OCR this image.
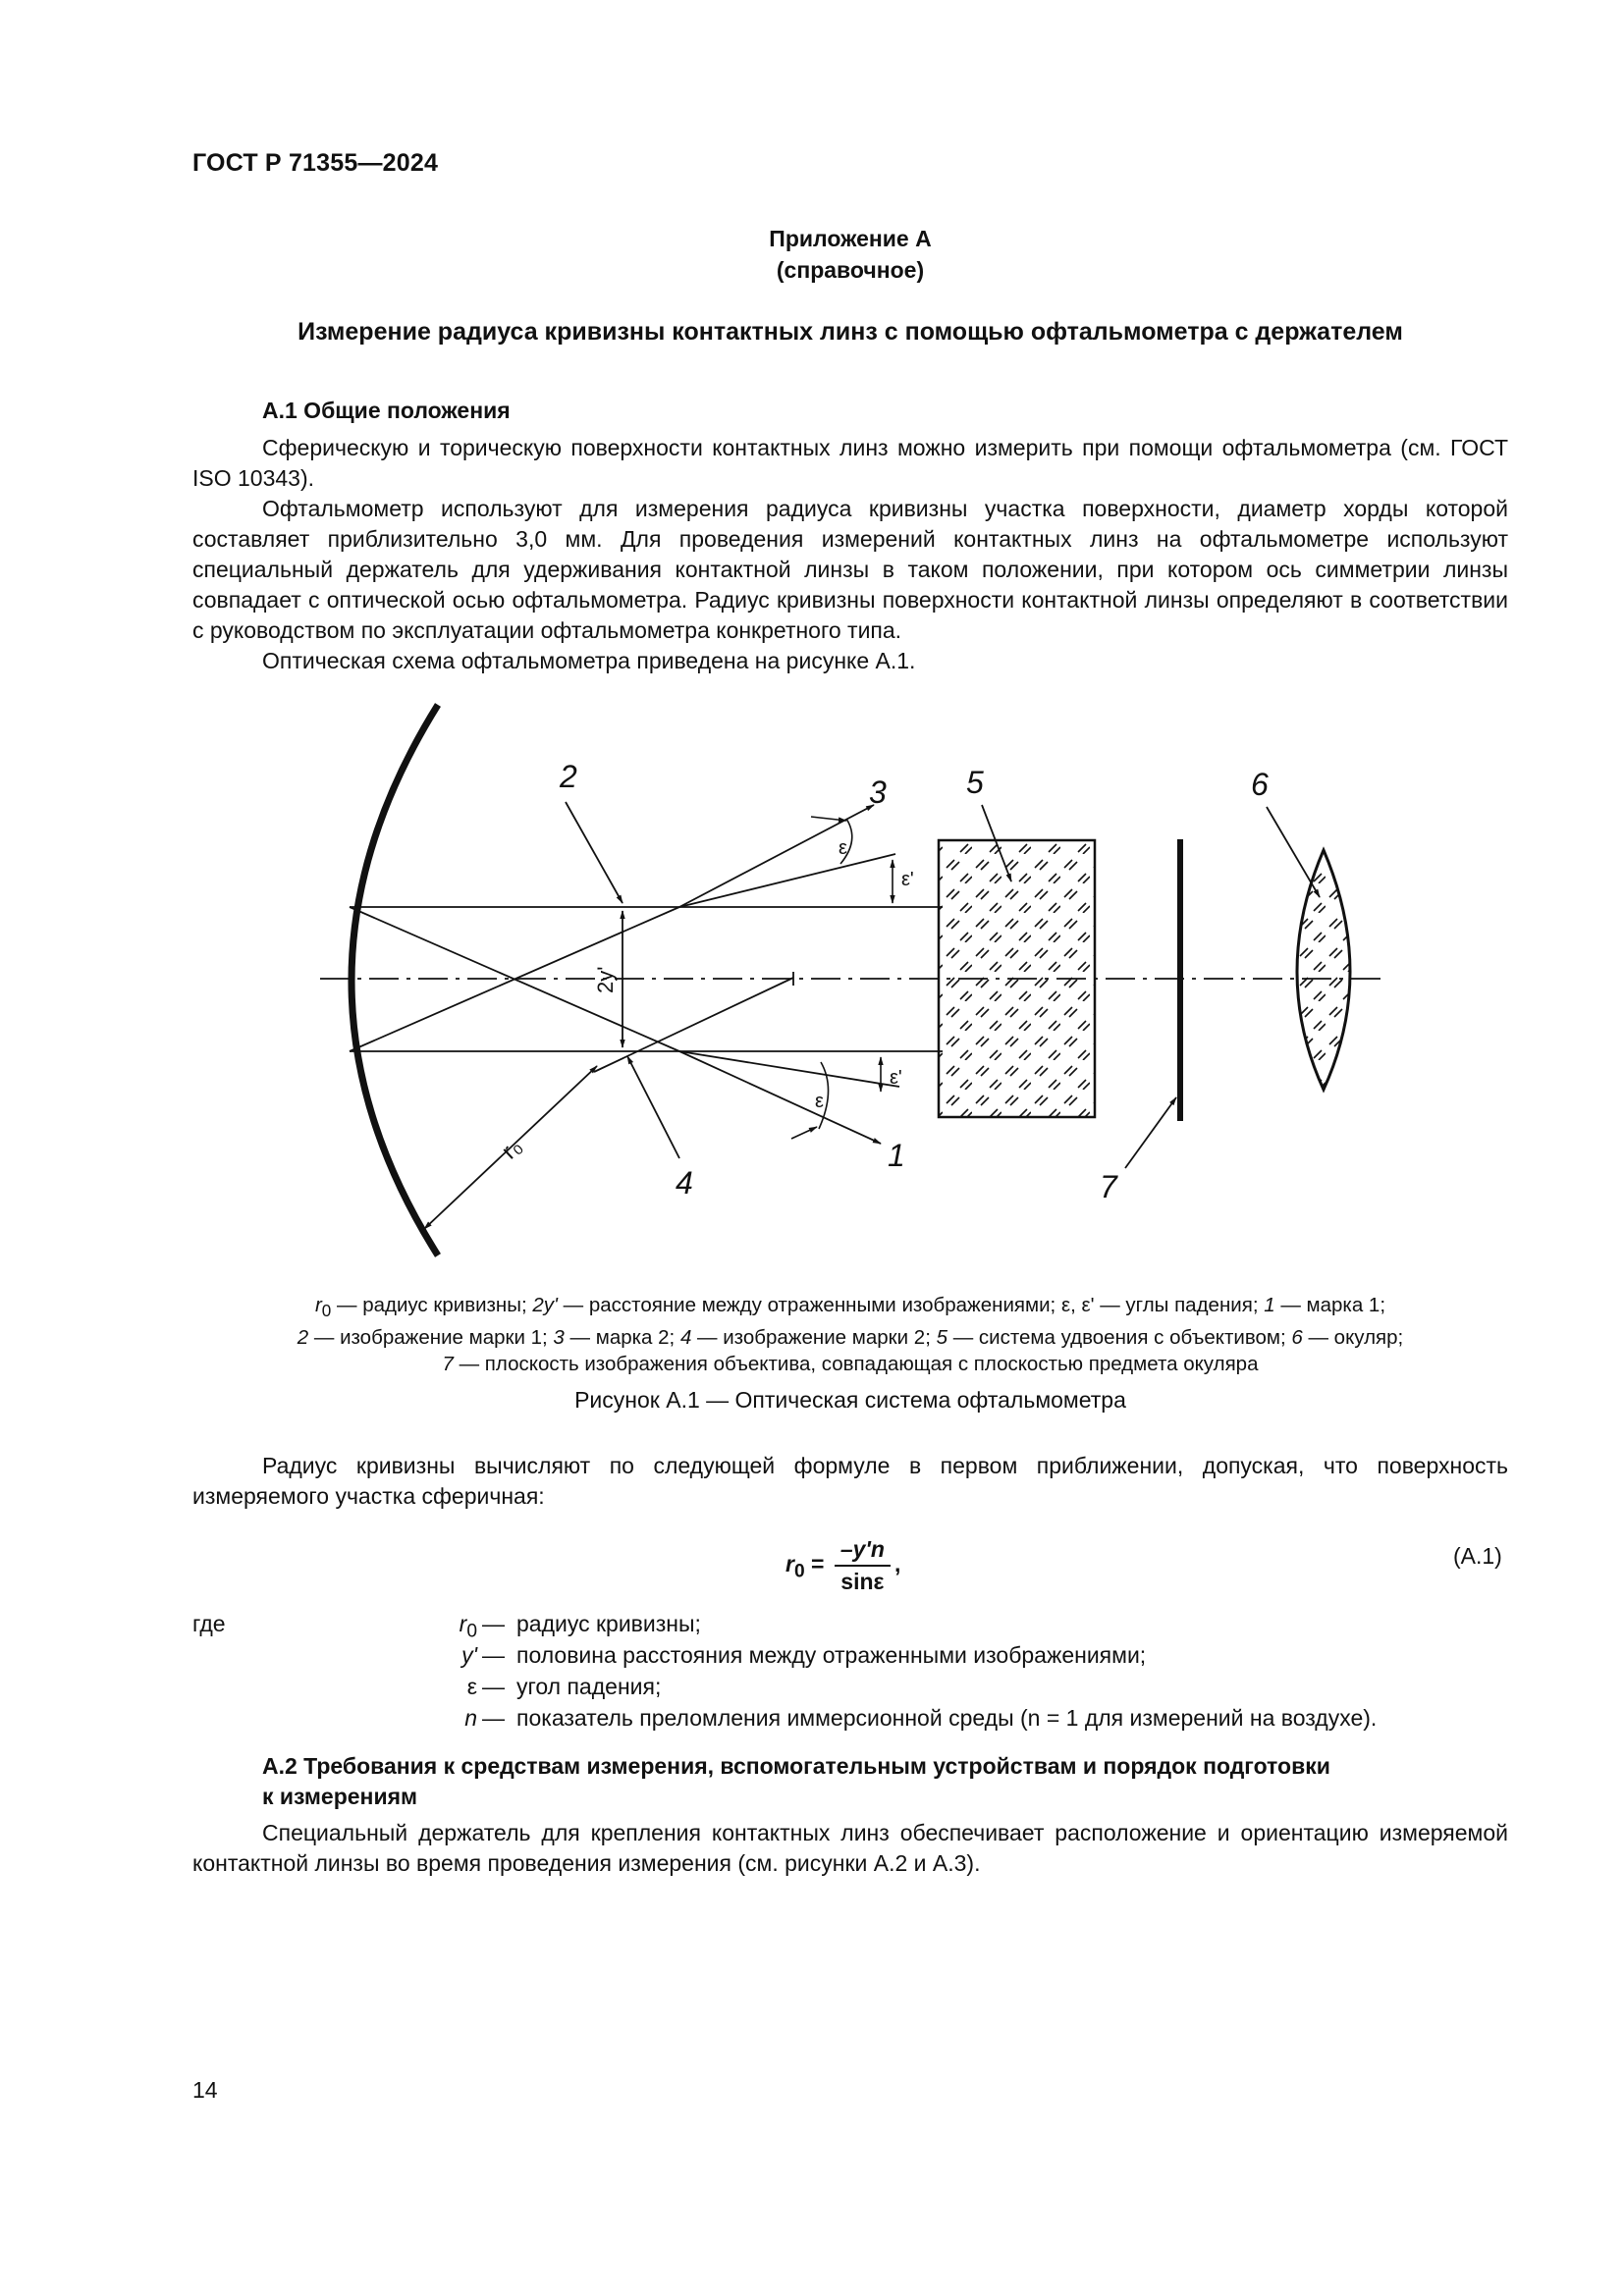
ГОСТ Р 71355—2024
Приложение А
(справочное)
Измерение радиуса кривизны контактных линз с помощью офтальмометра с держателем
А.1 Общие положения

Сферическую и торическую поверхности контактных линз можно измерить при помощи офтальмометра (см. ГОСТ ISO 10343).

Офтальмометр используют для измерения радиуса кривизны участка поверхности, диаметр хорды которой составляет приблизительно 3,0 мм. Для проведения измерений контактных линз на офтальмометре используют специальный держатель для удерживания контактной линзы в таком положении, при котором ось симметрии линзы совпадает с оптической осью офтальмометра. Радиус кривизны поверхности контактной линзы определяют в соответствии с руководством по эксплуатации офтальмометра конкретного типа.

Оптическая схема офтальмометра приведена на рисунке А.1.

2	3	5	6
1
4	7
ε
ε'
ε
ε'
2y'
r₀
$r_0$ — радиус кривизны; 2y' — расстояние между отраженными изображениями; ε, ε' — углы падения; 1 — марка 1;
2 — изображение марки 1; 3 — марка 2; 4 — изображение марки 2; 5 — система удвоения с объективом; 6 — окуляр;
7 — плоскость изображения объектива, совпадающая с плоскостью предмета окуляра
Рисунок А.1 — Оптическая система офтальмометра

Радиус кривизны вычисляют по следующей формуле в первом приближении, допуская, что поверхность измеряемого участка сферичная:

$r_0 = \frac{-y'n}{\sin\varepsilon}$ ,	(А.1)
где	$r_0$ — радиус кривизны;
y' — половина расстояния между отраженными изображениями;
ε — угол падения;
n — показатель преломления иммерсионной среды (n = 1 для измерений на воздухе).
А.2 Требования к средствам измерения, вспомогательным устройствам и порядок подготовки
к измерениям

Специальный держатель для крепления контактных линз обеспечивает расположение и ориентацию измеряемой контактной линзы во время проведения измерения (см. рисунки А.2 и А.3).

14
